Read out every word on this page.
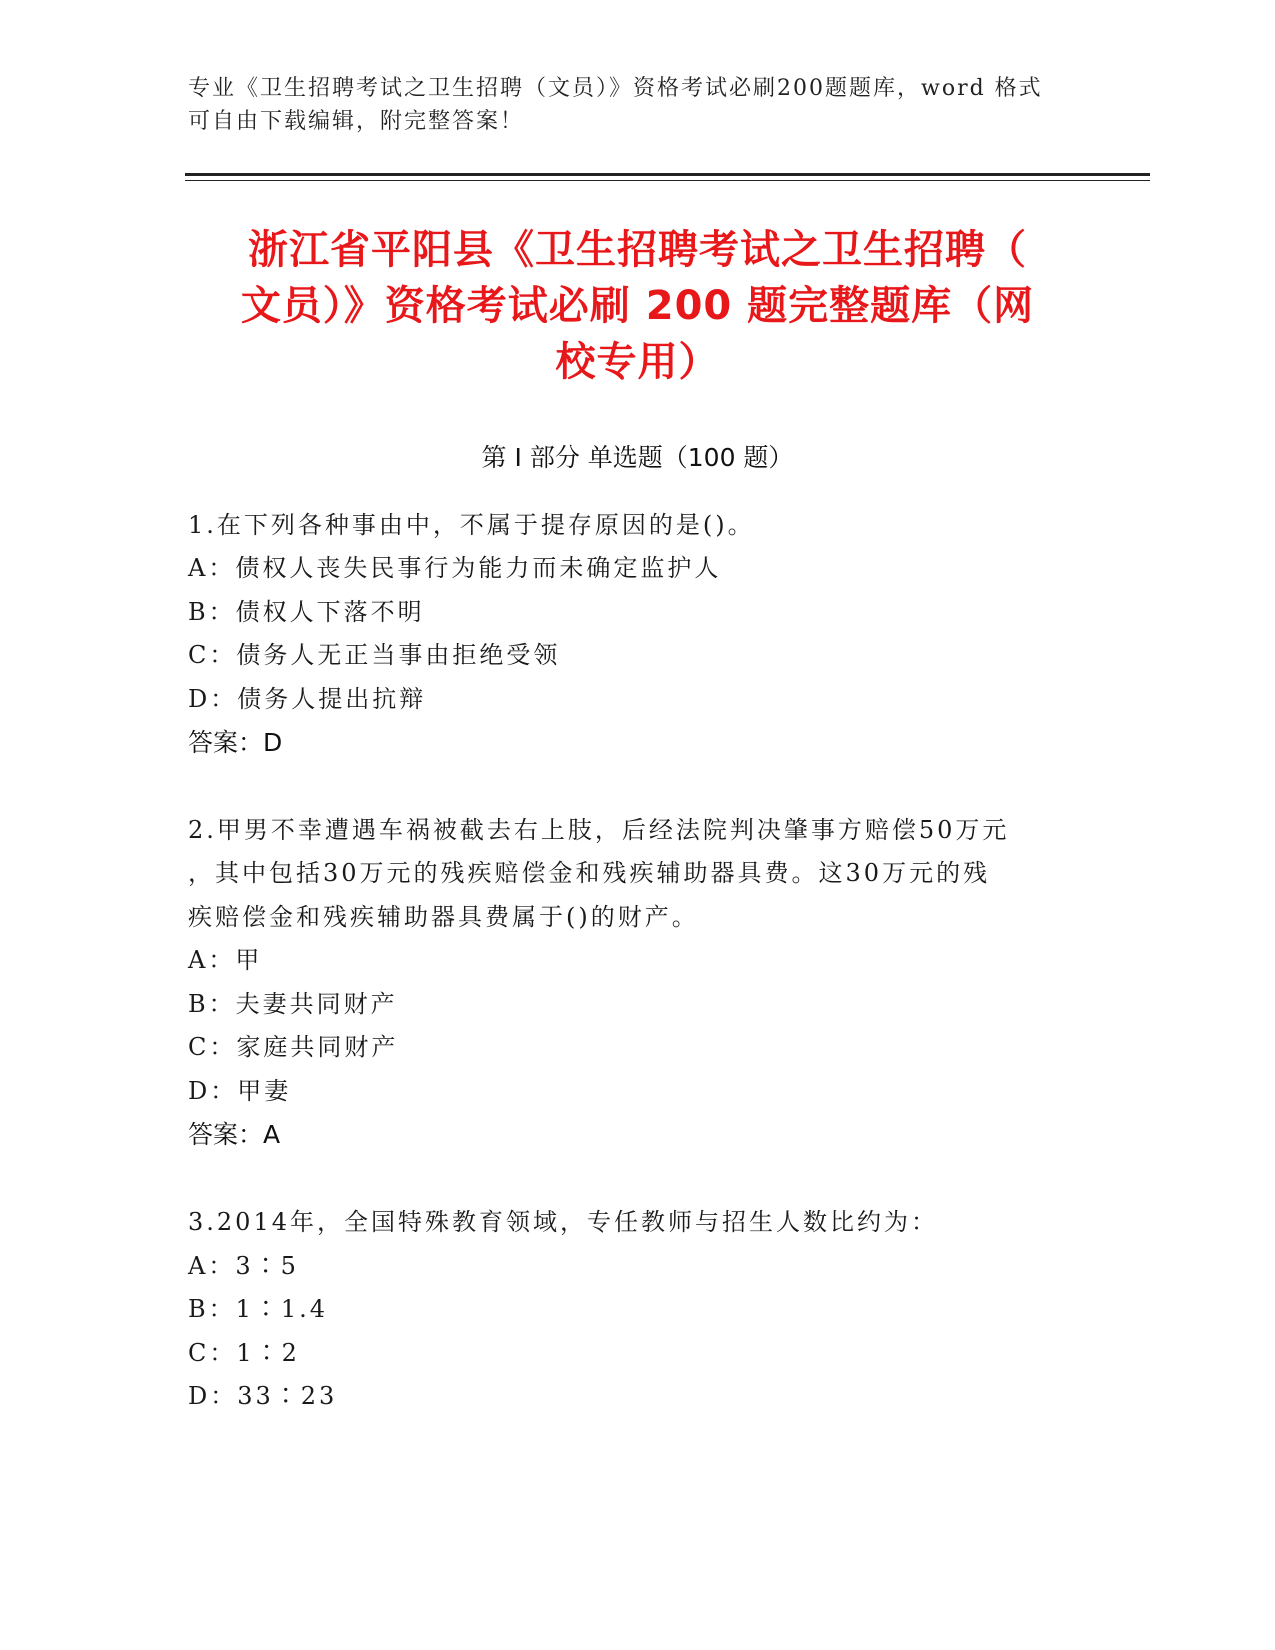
专业《卫生招聘考试之卫生招聘（文员）》资格考试必刷200题题库，word 格式
可自由下载编辑，附完整答案！
浙江省平阳县《卫生招聘考试之卫生招聘（
文员）》资格考试必刷 200 题完整题库（网
校专用）
第 I 部分 单选题（100 题）
1.在下列各种事由中，不属于提存原因的是()。
A：债权人丧失民事行为能力而未确定监护人
B：债权人下落不明
C：债务人无正当事由拒绝受领
D：债务人提出抗辩
答案：D
2.甲男不幸遭遇车祸被截去右上肢，后经法院判决肇事方赔偿50万元
，其中包括30万元的残疾赔偿金和残疾辅助器具费。这30万元的残
疾赔偿金和残疾辅助器具费属于()的财产。
A：甲
B：夫妻共同财产
C：家庭共同财产
D：甲妻
答案：A
3.2014年，全国特殊教育领域，专任教师与招生人数比约为：
A：3∶5
B：1∶1.4
C：1∶2
D：33∶23
